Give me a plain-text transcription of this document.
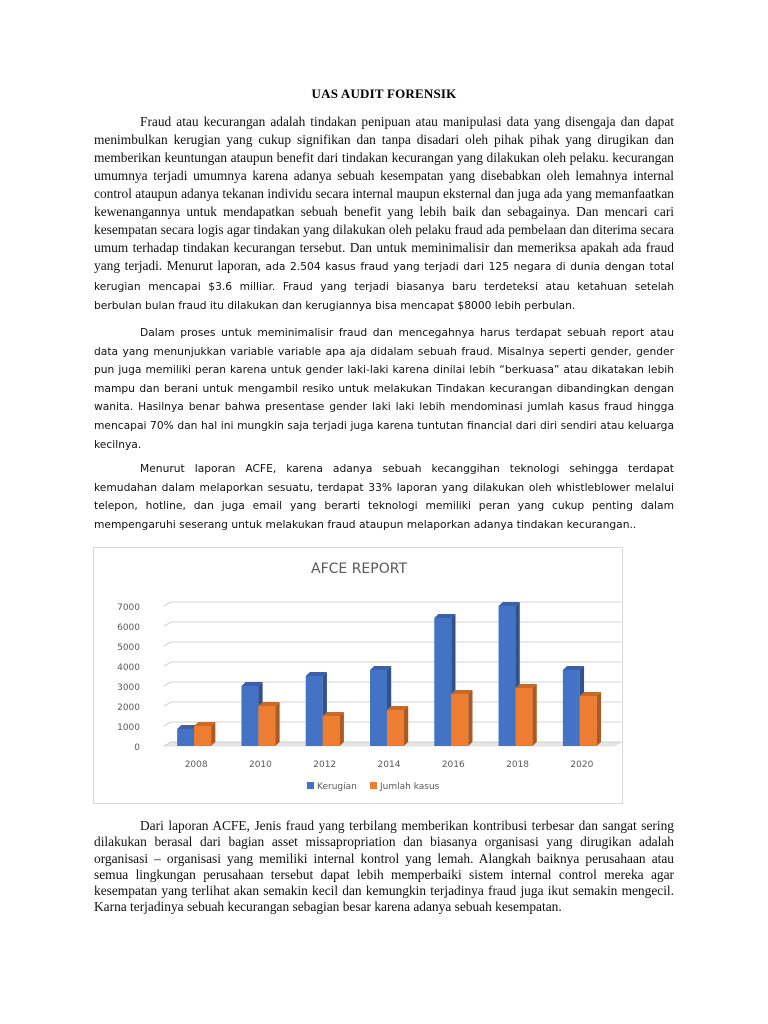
UAS AUDIT FORENSIK

Fraud atau kecurangan adalah tindakan penipuan atau manipulasi data yang disengaja dan dapat menimbulkan kerugian yang cukup signifikan dan tanpa disadari oleh pihak pihak yang dirugikan dan memberikan keuntungan ataupun benefit dari tindakan kecurangan yang dilakukan oleh pelaku. kecurangan umumnya terjadi umumnya karena adanya sebuah kesempatan yang disebabkan oleh lemahnya internal control ataupun adanya tekanan individu secara internal maupun eksternal dan juga ada yang memanfaatkan kewenangannya untuk mendapatkan sebuah benefit yang lebih baik dan sebagainya. Dan mencari cari kesempatan secara logis agar tindakan yang dilakukan oleh pelaku fraud ada pembelaan dan diterima secara umum terhadap tindakan kecurangan tersebut. Dan untuk meminimalisir dan memeriksa apakah ada fraud yang terjadi. Menurut laporan, ada 2.504 kasus fraud yang terjadi dari 125 negara di dunia dengan total kerugian mencapai $3.6 milliar. Fraud yang terjadi biasanya baru terdeteksi atau ketahuan setelah berbulan bulan fraud itu dilakukan dan kerugiannya bisa mencapat $8000 lebih perbulan.

Dalam proses untuk meminimalisir fraud dan mencegahnya harus terdapat sebuah report atau data yang menunjukkan variable variable apa aja didalam sebuah fraud. Misalnya seperti gender, gender pun juga memiliki peran karena untuk gender laki-laki karena dinilai lebih “berkuasa” atau dikatakan lebih mampu dan berani untuk mengambil resiko untuk melakukan Tindakan kecurangan dibandingkan dengan wanita. Hasilnya benar bahwa presentase gender laki laki lebih mendominasi jumlah kasus fraud hingga mencapai 70% dan hal ini mungkin saja terjadi juga karena tuntutan financial dari diri sendiri atau keluarga kecilnya.

Menurut laporan ACFE, karena adanya sebuah kecanggihan teknologi sehingga terdapat kemudahan dalam melaporkan sesuatu, terdapat 33% laporan yang dilakukan oleh whistleblower melalui telepon, hotline, dan juga email yang berarti teknologi memiliki peran yang cukup penting dalam mempengaruhi seserang untuk melakukan fraud ataupun melaporkan adanya tindakan kecurangan..

AFCE REPORT
0
1000
2000
3000
4000
5000
6000
7000
2008	2010	2012	2014	2016	2018	2020
Kerugian	Jumlah kasus

Dari laporan ACFE, Jenis fraud yang terbilang memberikan kontribusi terbesar dan sangat sering dilakukan berasal dari bagian asset missapropriation dan biasanya organisasi yang dirugikan adalah organisasi – organisasi yang memiliki internal kontrol yang lemah. Alangkah baiknya perusahaan atau semua lingkungan perusahaan tersebut dapat lebih memperbaiki sistem internal control mereka agar kesempatan yang terlihat akan semakin kecil dan kemungkin terjadinya fraud juga ikut semakin mengecil. Karna terjadinya sebuah kecurangan sebagian besar karena adanya sebuah kesempatan.
